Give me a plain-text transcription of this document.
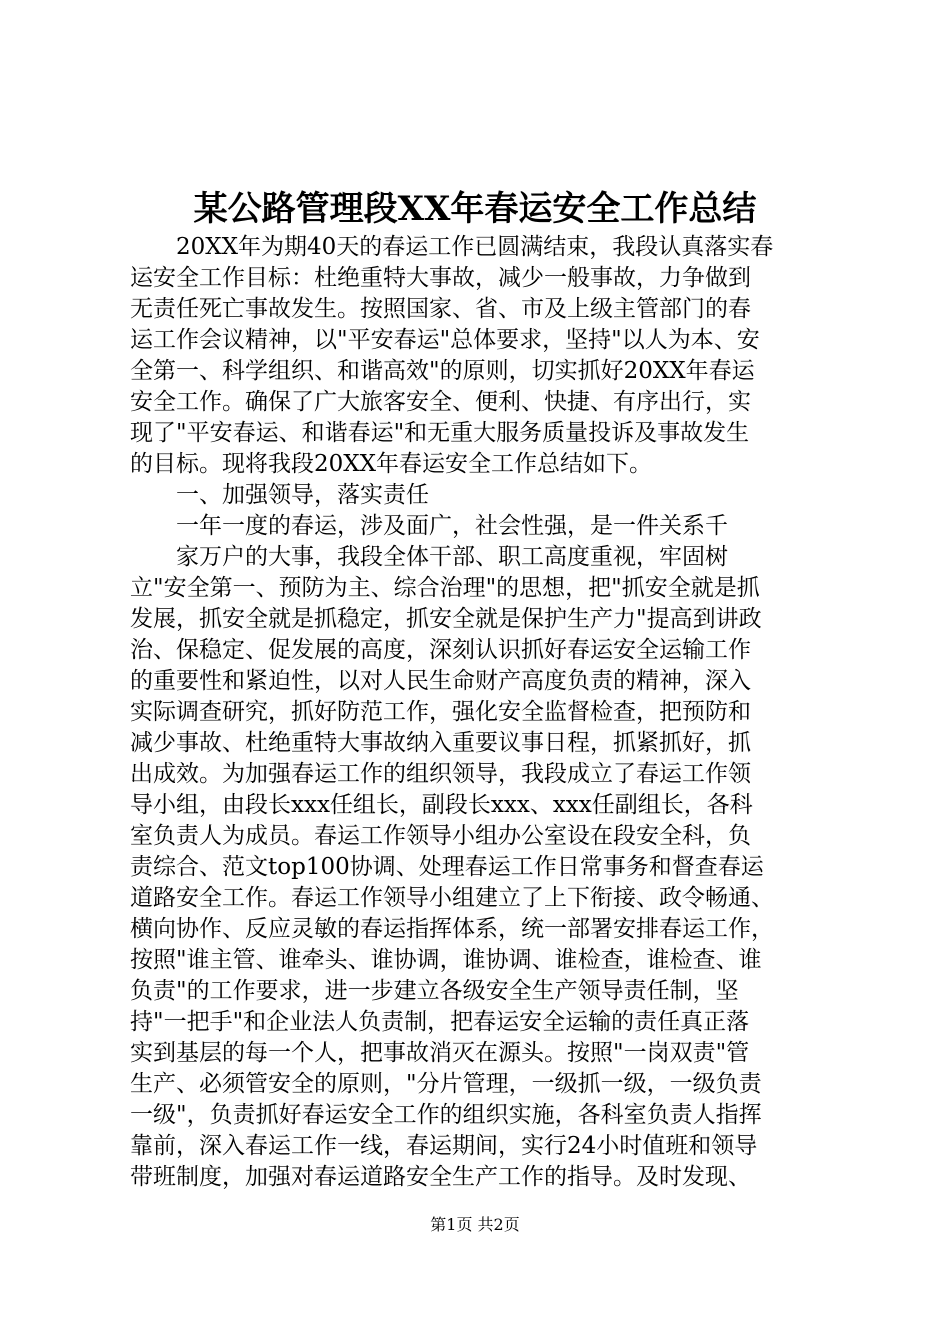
某公路管理段XX年春运安全工作总结
　　20XX年为期40天的春运工作已圆满结束，我段认真落实春
运安全工作目标：杜绝重特大事故，减少一般事故，力争做到
无责任死亡事故发生。按照国家、省、市及上级主管部门的春
运工作会议精神，以"平安春运"总体要求，坚持"以人为本、安
全第一、科学组织、和谐高效"的原则，切实抓好20XX年春运
安全工作。确保了广大旅客安全、便利、快捷、有序出行，实
现了"平安春运、和谐春运"和无重大服务质量投诉及事故发生
的目标。现将我段20XX年春运安全工作总结如下。
　　一、加强领导，落实责任
　　一年一度的春运，涉及面广，社会性强，是一件关系千
　　家万户的大事，我段全体干部、职工高度重视，牢固树
立"安全第一、预防为主、综合治理"的思想，把"抓安全就是抓
发展，抓安全就是抓稳定，抓安全就是保护生产力"提高到讲政
治、保稳定、促发展的高度，深刻认识抓好春运安全运输工作
的重要性和紧迫性，以对人民生命财产高度负责的精神，深入
实际调查研究，抓好防范工作，强化安全监督检查，把预防和
减少事故、杜绝重特大事故纳入重要议事日程，抓紧抓好，抓
出成效。为加强春运工作的组织领导，我段成立了春运工作领
导小组，由段长xxx任组长，副段长xxx、xxx任副组长，各科
室负责人为成员。春运工作领导小组办公室设在段安全科，负
责综合、范文top100协调、处理春运工作日常事务和督查春运
道路安全工作。春运工作领导小组建立了上下衔接、政令畅通、
横向协作、反应灵敏的春运指挥体系，统一部署安排春运工作，
按照"谁主管、谁牵头、谁协调，谁协调、谁检查，谁检查、谁
负责"的工作要求，进一步建立各级安全生产领导责任制，坚
持"一把手"和企业法人负责制，把春运安全运输的责任真正落
实到基层的每一个人，把事故消灭在源头。按照"一岗双责"管
生产、必须管安全的原则，"分片管理，一级抓一级，一级负责
一级"，负责抓好春运安全工作的组织实施，各科室负责人指挥
靠前，深入春运工作一线，春运期间，实行24小时值班和领导
带班制度，加强对春运道路安全生产工作的指导。及时发现、
第1页 共2页
